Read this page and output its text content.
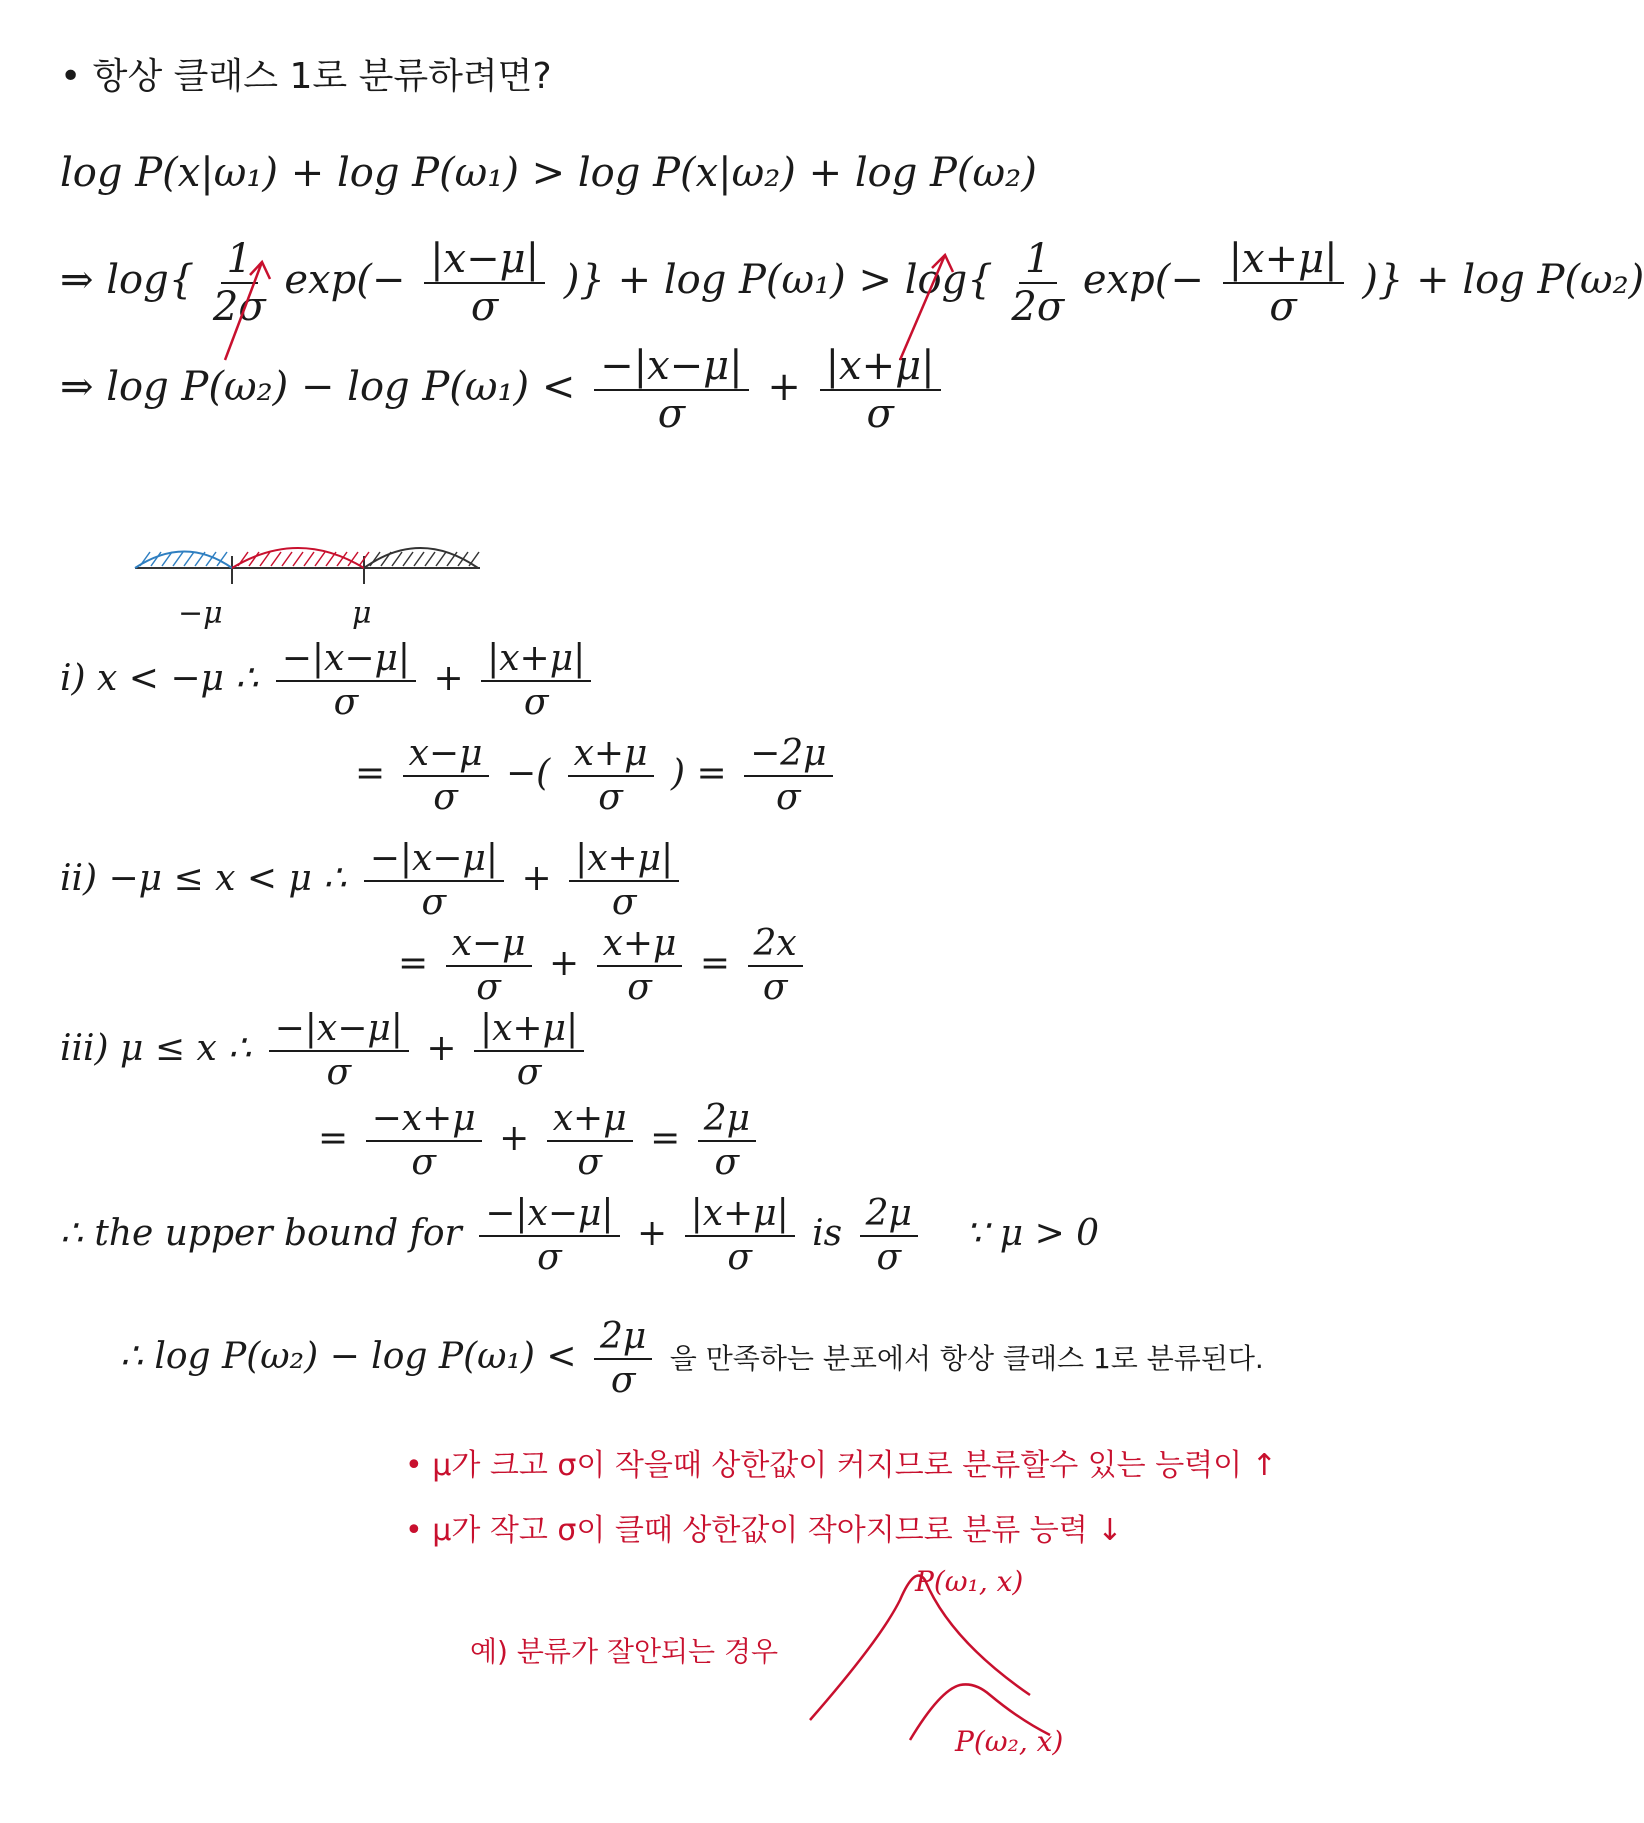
• 항상 클래스 1로 분류하려면?
log P(x|ω₁) + log P(ω₁) > log P(x|ω₂) + log P(ω₂)
⇒ $\log\{ \frac{1}{2\sigma} \exp(- \frac{|x-\mu|}{\sigma}$ )} + $\log P(\omega_1) > \log\{ \frac{1}{2\sigma} \exp(- \frac{|x+\mu|}{\sigma}$ )} + log P(ω₂)
⇒ $\log P(\omega_2) - \log P(\omega_1) < \frac{-|x-\mu|}{\sigma} + \frac{|x+\mu|}{\sigma}$
−μ	μ
i) x < −μ ∴ $\frac{-|x-\mu|}{\sigma} + \frac{|x+\mu|}{\sigma}$
= $\frac{x-\mu}{\sigma}$ −( $\frac{x+\mu}{\sigma}$ ) = $\frac{-2\mu}{\sigma}$
ii) −μ ≤ x < μ ∴ $\frac{-|x-\mu|}{\sigma} + \frac{|x+\mu|}{\sigma}$
= $\frac{x-\mu}{\sigma} + \frac{x+\mu}{\sigma} = \frac{2x}{\sigma}$
iii) μ ≤ x ∴ $\frac{-|x-\mu|}{\sigma} + \frac{|x+\mu|}{\sigma}$
= $\frac{-x+\mu}{\sigma} + \frac{x+\mu}{\sigma} = \frac{2\mu}{\sigma}$
∴ the upper bound for $\frac{-|x-\mu|}{\sigma} + \frac{|x+\mu|}{\sigma}$ is $\frac{2\mu}{\sigma}$ ∵ μ > 0
∴ $\log P(\omega_2) - \log P(\omega_1) < \frac{2\mu}{\sigma}$ 을 만족하는 분포에서 항상 클래스 1로 분류된다.
• μ가 크고 σ이 작을때 상한값이 커지므로 분류할수 있는 능력이 ↑
• μ가 작고 σ이 클때 상한값이 작아지므로 분류 능력 ↓
예) 분류가 잘안되는 경우
P(ω₁, x)
P(ω₂, x)
